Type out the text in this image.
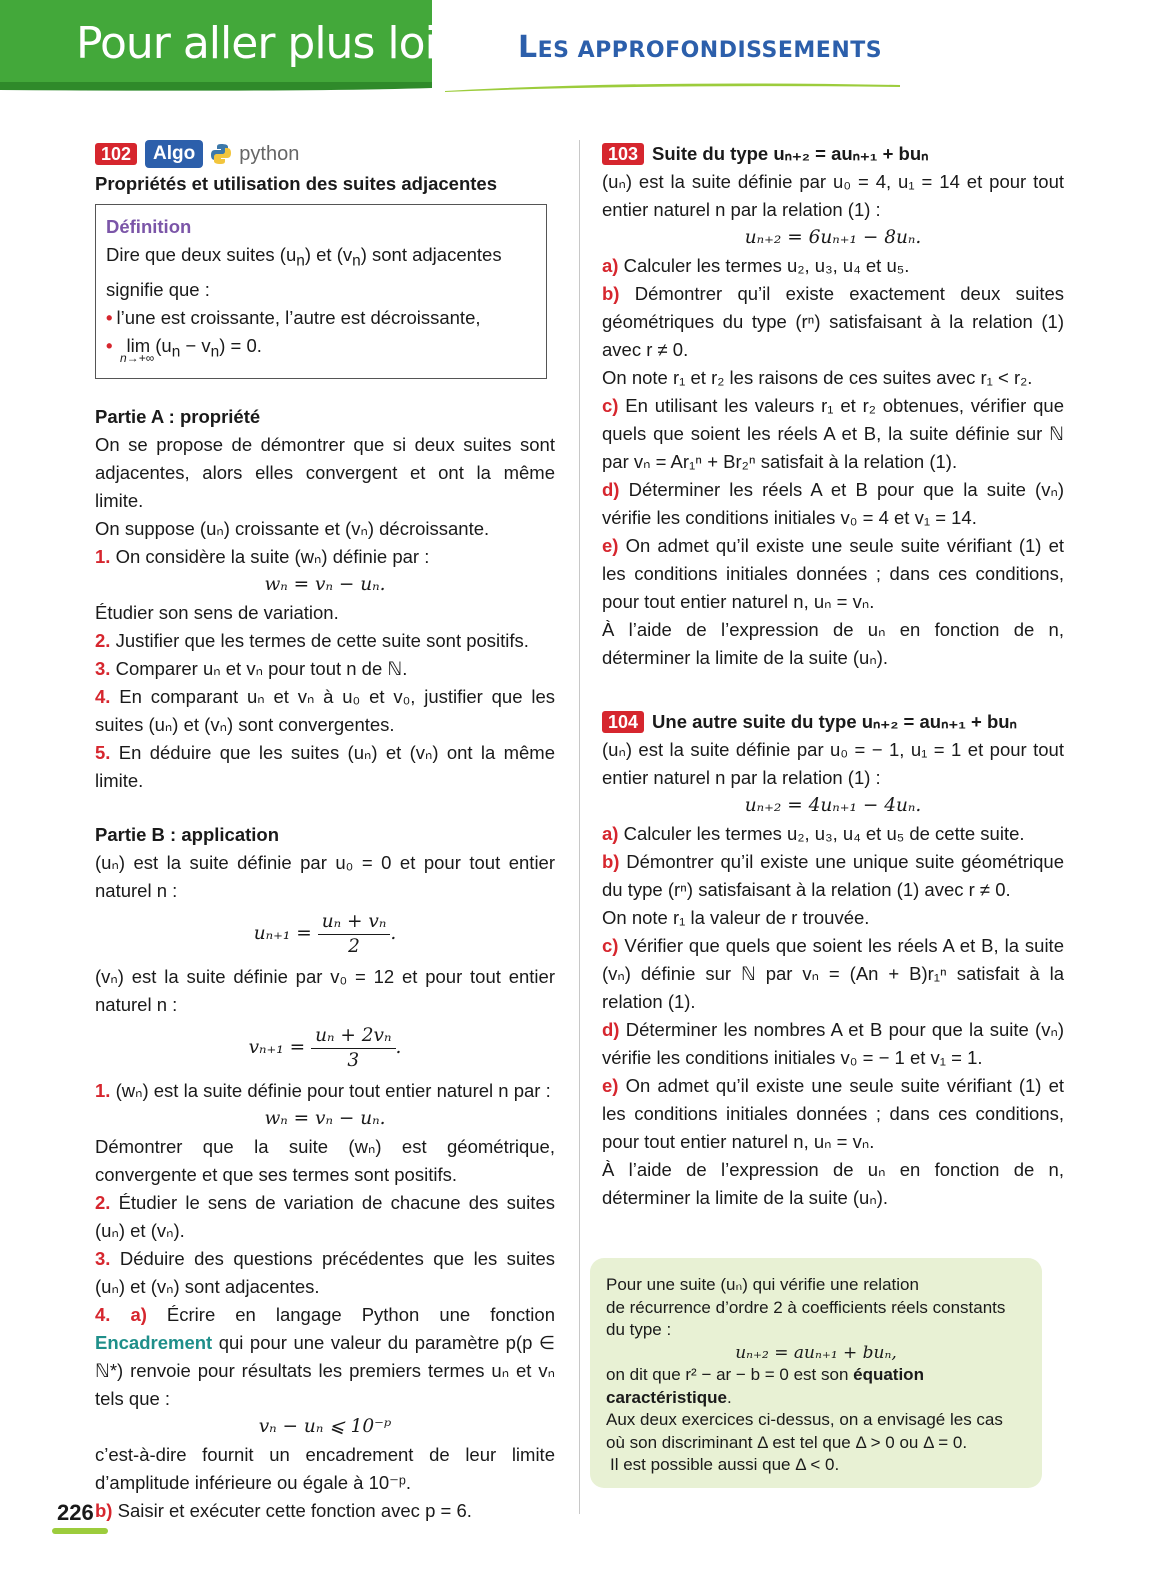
Pour aller plus loin LES APPROFONDISSEMENTS
102	Algo	python
Propriétés et utilisation des suites adjacentes
Définition
Dire que deux suites $(u_n)$ et $(v_n)$ sont adjacentes
signifie que :
• l’une est croissante, l’autre est décroissante,
• $\lim (u_n - v_n) = 0$.
n→+∞
Partie A : propriété
On se propose de démontrer que si deux suites sont adjacentes, alors elles convergent et ont la même limite.
On suppose (uₙ) croissante et (vₙ) décroissante.
1. On considère la suite (wₙ) définie par :
wₙ = vₙ − uₙ.
Étudier son sens de variation.
2. Justifier que les termes de cette suite sont positifs.
3. Comparer uₙ et vₙ pour tout n de ℕ.
4. En comparant uₙ et vₙ à u₀ et v₀, justifier que les suites (uₙ) et (vₙ) sont convergentes.
5. En déduire que les suites (uₙ) et (vₙ) ont la même limite.
Partie B : application
(uₙ) est la suite définie par u₀ = 0 et pour tout entier naturel n :
$u_{n+1} = \frac{\text{uₙ + vₙ}}{2}$ .
(vₙ) est la suite définie par v₀ = 12 et pour tout entier naturel n :
$v_{n+1} = \frac{\text{uₙ + 2vₙ}}{3}$ .
1. (wₙ) est la suite définie pour tout entier naturel n par :
wₙ = vₙ − uₙ.
Démontrer que la suite (wₙ) est géométrique, convergente et que ses termes sont positifs.
2. Étudier le sens de variation de chacune des suites (uₙ) et (vₙ).
3. Déduire des questions précédentes que les suites (uₙ) et (vₙ) sont adjacentes.
4. a) Écrire en langage Python une fonction Encadrement qui pour une valeur du paramètre p(p ∈ ℕ*) renvoie pour résultats les premiers termes uₙ et vₙ tels que :
vₙ − uₙ ⩽ 10⁻ᵖ
c’est-à-dire fournit un encadrement de leur limite d’amplitude inférieure ou égale à 10⁻ᵖ.
b) Saisir et exécuter cette fonction avec p = 6.
103 Suite du type uₙ₊₂ = auₙ₊₁ + buₙ
(uₙ) est la suite définie par u₀ = 4, u₁ = 14 et pour tout entier naturel n par la relation (1) :
uₙ₊₂ = 6uₙ₊₁ − 8uₙ.
a) Calculer les termes u₂, u₃, u₄ et u₅.
b) Démontrer qu’il existe exactement deux suites géométriques du type (rⁿ) satisfaisant à la relation (1) avec r ≠ 0.
On note r₁ et r₂ les raisons de ces suites avec r₁ < r₂.
c) En utilisant les valeurs r₁ et r₂ obtenues, vérifier que quels que soient les réels A et B, la suite définie sur ℕ par vₙ = Ar₁ⁿ + Br₂ⁿ satisfait à la relation (1).
d) Déterminer les réels A et B pour que la suite (vₙ) vérifie les conditions initiales v₀ = 4 et v₁ = 14.
e) On admet qu’il existe une seule suite vérifiant (1) et les conditions initiales données ; dans ces conditions, pour tout entier naturel n, uₙ = vₙ.
À l’aide de l’expression de uₙ en fonction de n, déterminer la limite de la suite (uₙ).
104 Une autre suite du type uₙ₊₂ = auₙ₊₁ + buₙ
(uₙ) est la suite définie par u₀ = − 1, u₁ = 1 et pour tout entier naturel n par la relation (1) :
uₙ₊₂ = 4uₙ₊₁ − 4uₙ.
a) Calculer les termes u₂, u₃, u₄ et u₅ de cette suite.
b) Démontrer qu’il existe une unique suite géométrique du type (rⁿ) satisfaisant à la relation (1) avec r ≠ 0.
On note r₁ la valeur de r trouvée.
c) Vérifier que quels que soient les réels A et B, la suite (vₙ) définie sur ℕ par vₙ = (An + B)r₁ⁿ satisfait à la relation (1).
d) Déterminer les nombres A et B pour que la suite (vₙ) vérifie les conditions initiales v₀ = − 1 et v₁ = 1.
e) On admet qu’il existe une seule suite vérifiant (1) et les conditions initiales données ; dans ces conditions, pour tout entier naturel n, uₙ = vₙ.
À l’aide de l’expression de uₙ en fonction de n, déterminer la limite de la suite (uₙ).
Pour une suite (uₙ) qui vérifie une relation
de récurrence d’ordre 2 à coefficients réels constants
du type :
uₙ₊₂ = auₙ₊₁ + buₙ,
on dit que r² − ar − b = 0 est son équation caractéristique.
Aux deux exercices ci-dessus, on a envisagé les cas où son discriminant Δ est tel que Δ > 0 ou Δ = 0.
Il est possible aussi que Δ < 0.
226
